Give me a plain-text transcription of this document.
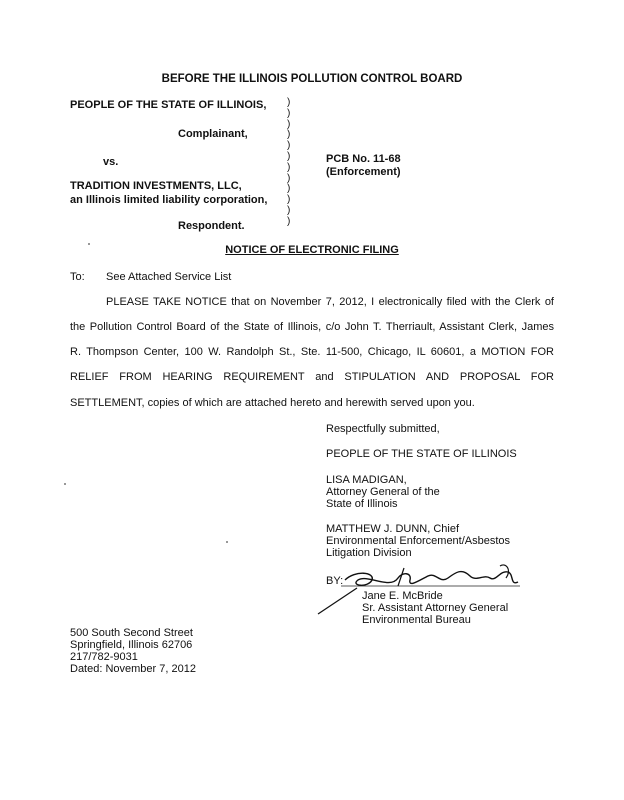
BEFORE THE ILLINOIS POLLUTION CONTROL BOARD
PEOPLE OF THE STATE OF ILLINOIS,
Complainant,
vs.
TRADITION INVESTMENTS, LLC,
an Illinois limited liability corporation,
Respondent.
)
)
)
)
)
)
)
)
)
)
)
)
PCB No. 11-68
(Enforcement)
NOTICE OF ELECTRONIC FILING
To: See Attached Service List
PLEASE TAKE NOTICE that on November 7, 2012, I electronically filed with the Clerk of
the Pollution Control Board of the State of Illinois, c/o John T. Therriault, Assistant Clerk, James
R. Thompson Center, 100 W. Randolph St., Ste. 11-500, Chicago, IL 60601, a MOTION FOR
RELIEF FROM HEARING REQUIREMENT and STIPULATION AND PROPOSAL FOR
SETTLEMENT, copies of which are attached hereto and herewith served upon you.
Respectfully submitted,
PEOPLE OF THE STATE OF ILLINOIS
LISA MADIGAN,
Attorney General of the
State of Illinois
MATTHEW J. DUNN, Chief
Environmental Enforcement/Asbestos
Litigation Division
BY:
Jane E. McBride
Sr. Assistant Attorney General
Environmental Bureau
500 South Second Street
Springfield, Illinois 62706
217/782-9031
Dated: November 7, 2012
